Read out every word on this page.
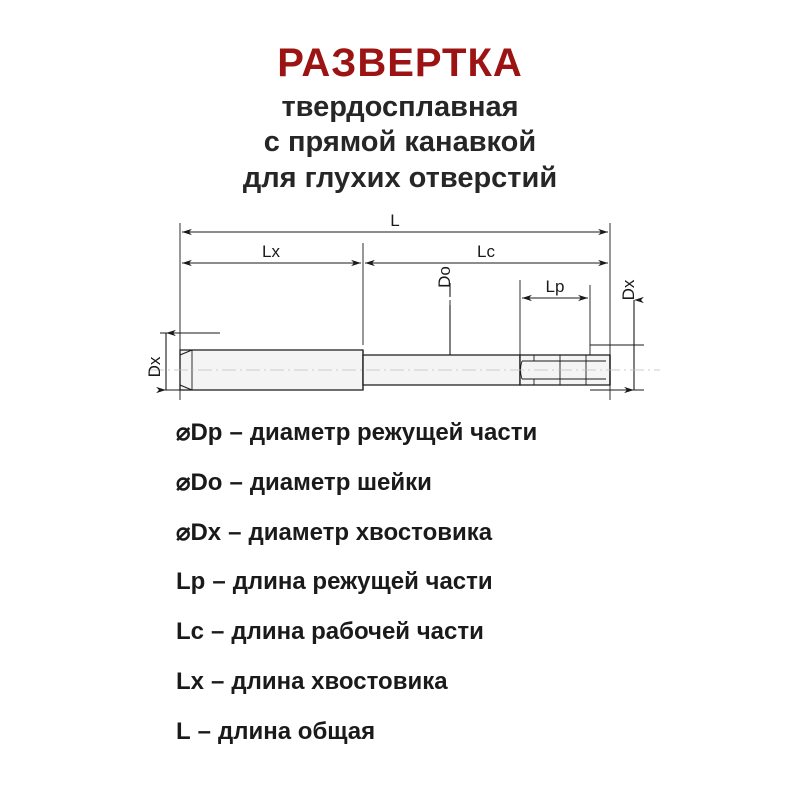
РАЗВЕРТКА
твердосплавная
с прямой канавкой
для глухих отверстий
L
Lx	Lc
Lp
Do
Dx
Dx
⌀Dp – диаметр режущей части
⌀Do – диаметр шейки
⌀Dx – диаметр хвостовика
Lp – длина режущей части
Lc – длина рабочей части
Lx – длина хвостовика
L – длина общая
